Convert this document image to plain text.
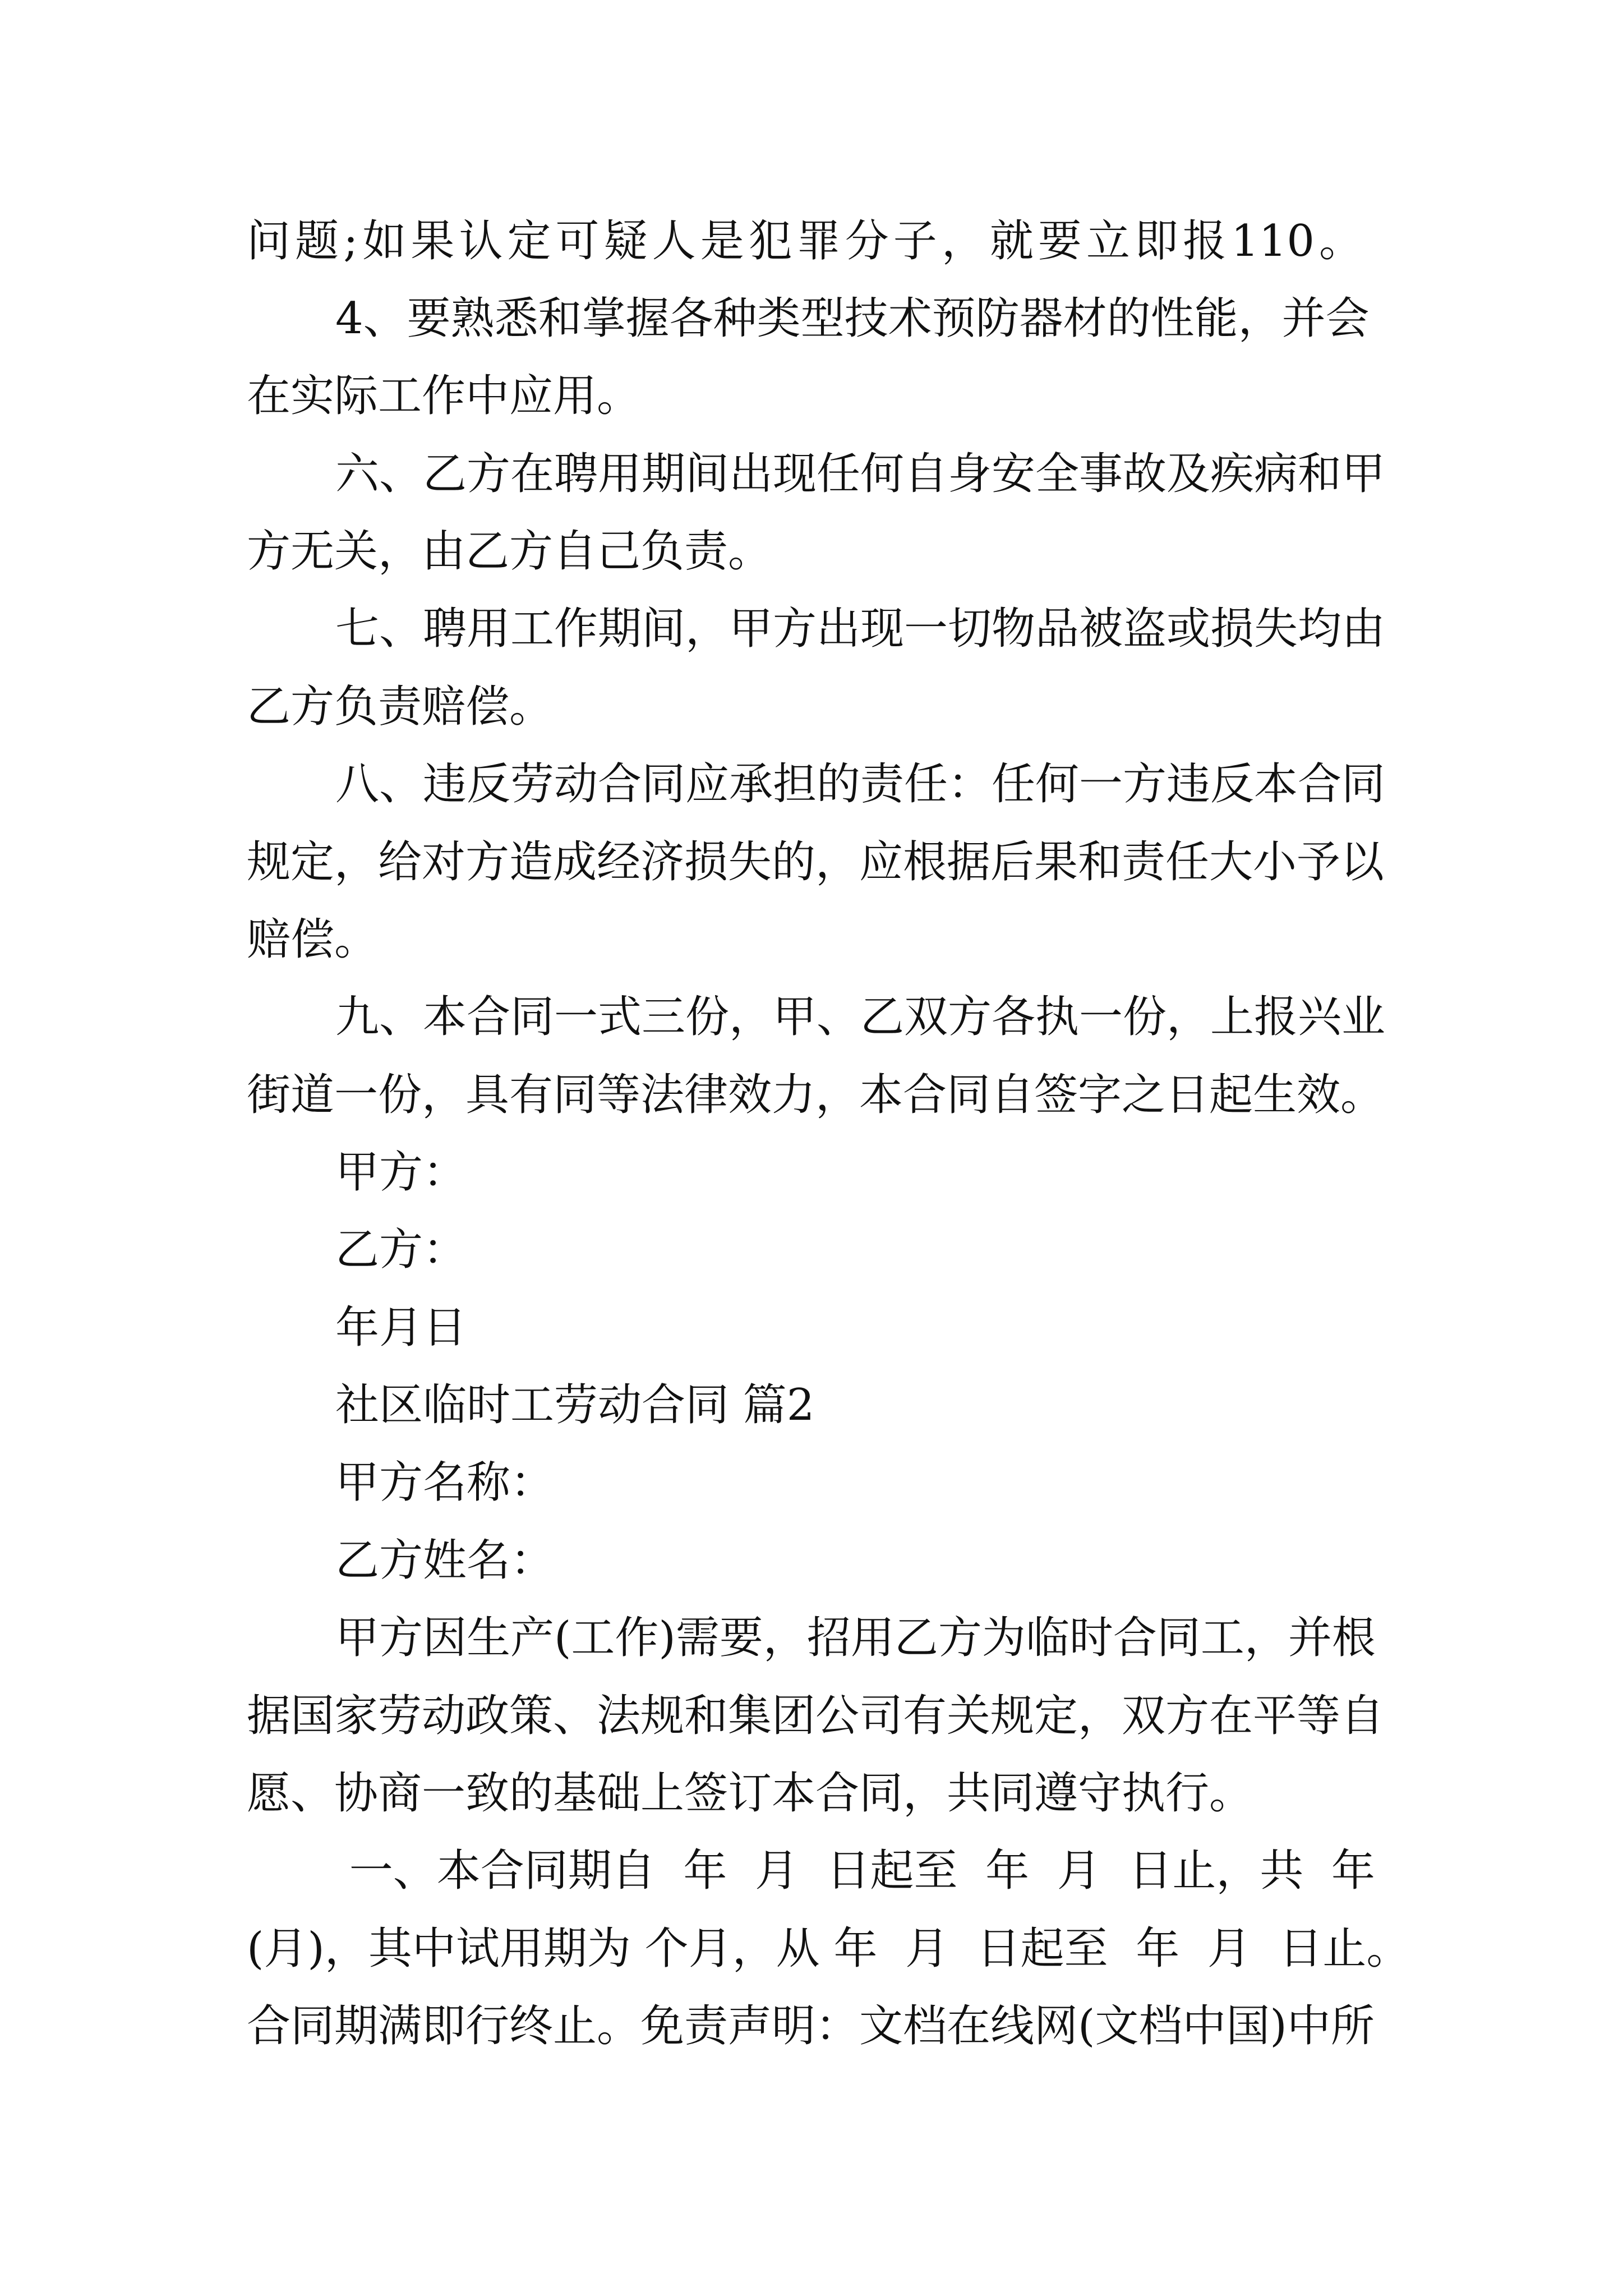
问题;如果认定可疑人是犯罪分子，就要立即报110。
4、要熟悉和掌握各种类型技术预防器材的性能，并会
在实际工作中应用。
六、乙方在聘用期间出现任何自身安全事故及疾病和甲
方无关，由乙方自己负责。
七、聘用工作期间，甲方出现一切物品被盗或损失均由
乙方负责赔偿。
八、违反劳动合同应承担的责任：任何一方违反本合同
规定，给对方造成经济损失的，应根据后果和责任大小予以
赔偿。
九、本合同一式三份，甲、乙双方各执一份，上报兴业
街道一份，具有同等法律效力，本合同自签字之日起生效。
甲方：
乙方：
年月日
社区临时工劳动合同 篇2
甲方名称：
乙方姓名：
甲方因生产(工作)需要，招用乙方为临时合同工，并根
据国家劳动政策、法规和集团公司有关规定，双方在平等自
愿、协商一致的基础上签订本合同，共同遵守执行。
一、本合同期自  年  月  日起至  年  月  日止，共  年
(月)，其中试用期为 个月，从 年  月  日起至  年  月  日止。
合同期满即行终止。免责声明：文档在线网(文档中国)中所
